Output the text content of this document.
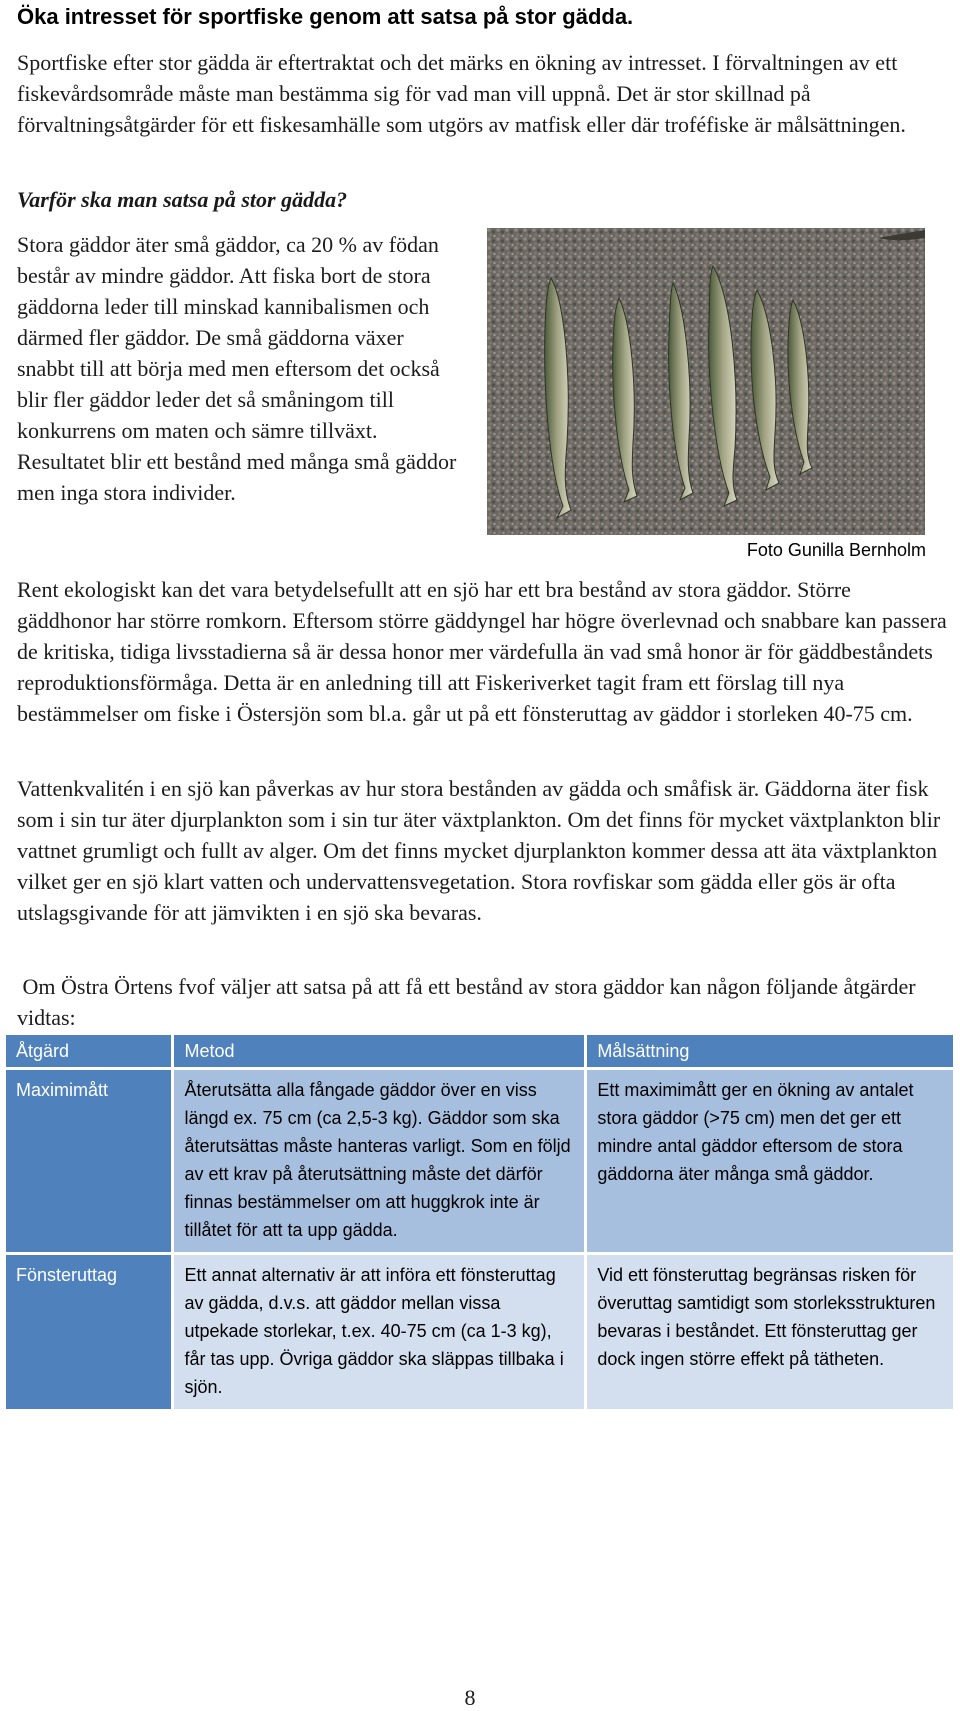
Öka intresset för sportfiske genom att satsa på stor gädda.

Sportfiske efter stor gädda är eftertraktat och det märks en ökning av intresset. I förvaltningen av ett fiskevårdsområde måste man bestämma sig för vad man vill uppnå. Det är stor skillnad på förvaltningsåtgärder för ett fiskesamhälle som utgörs av matfisk eller där troféfiske är målsättningen.

Varför ska man satsa på stor gädda?

Stora gäddor äter små gäddor, ca 20 % av födan består av mindre gäddor. Att fiska bort de stora gäddorna leder till minskad kannibalismen och därmed fler gäddor. De små gäddorna växer snabbt till att börja med men eftersom det också blir fler gäddor leder det så småningom till konkurrens om maten och sämre tillväxt. Resultatet blir ett bestånd med många små gäddor men inga stora individer.

Foto Gunilla Bernholm

Rent ekologiskt kan det vara betydelsefullt att en sjö har ett bra bestånd av stora gäddor. Större gäddhonor har större romkorn. Eftersom större gäddyngel har högre överlevnad och snabbare kan passera de kritiska, tidiga livsstadierna så är dessa honor mer värdefulla än vad små honor är för gäddbeståndets reproduktionsförmåga. Detta är en anledning till att Fiskeriverket tagit fram ett förslag till nya bestämmelser om fiske i Östersjön som bl.a. går ut på ett fönsteruttag av gäddor i storleken 40-75 cm.

Vattenkvalitén i en sjö kan påverkas av hur stora bestånden av gädda och småfisk är. Gäddorna äter fisk som i sin tur äter djurplankton som i sin tur äter växtplankton. Om det finns för mycket växtplankton blir vattnet grumligt och fullt av alger. Om det finns mycket djurplankton kommer dessa att äta växtplankton vilket ger en sjö klart vatten och undervattensvegetation. Stora rovfiskar som gädda eller gös är ofta utslagsgivande för att jämvikten i en sjö ska bevaras.

Om Östra Örtens fvof väljer att satsa på att få ett bestånd av stora gäddor kan någon följande åtgärder vidtas:

Åtgärd	Metod	Målsättning
Maximimått	Återutsätta alla fångade gäddor över en viss längd ex. 75 cm (ca 2,5-3 kg). Gäddor som ska återutsättas måste hanteras varligt. Som en följd av ett krav på återutsättning måste det därför finnas bestämmelser om att huggkrok inte är tillåtet för att ta upp gädda.	Ett maximimått ger en ökning av antalet stora gäddor (>75 cm) men det ger ett mindre antal gäddor eftersom de stora gäddorna äter många små gäddor.
Fönsteruttag	Ett annat alternativ är att införa ett fönsteruttag av gädda, d.v.s. att gäddor mellan vissa utpekade storlekar, t.ex. 40-75 cm (ca 1-3 kg), får tas upp. Övriga gäddor ska släppas tillbaka i sjön.	Vid ett fönsteruttag begränsas risken för överuttag samtidigt som storleksstrukturen bevaras i beståndet. Ett fönsteruttag ger dock ingen större effekt på tätheten.
8
